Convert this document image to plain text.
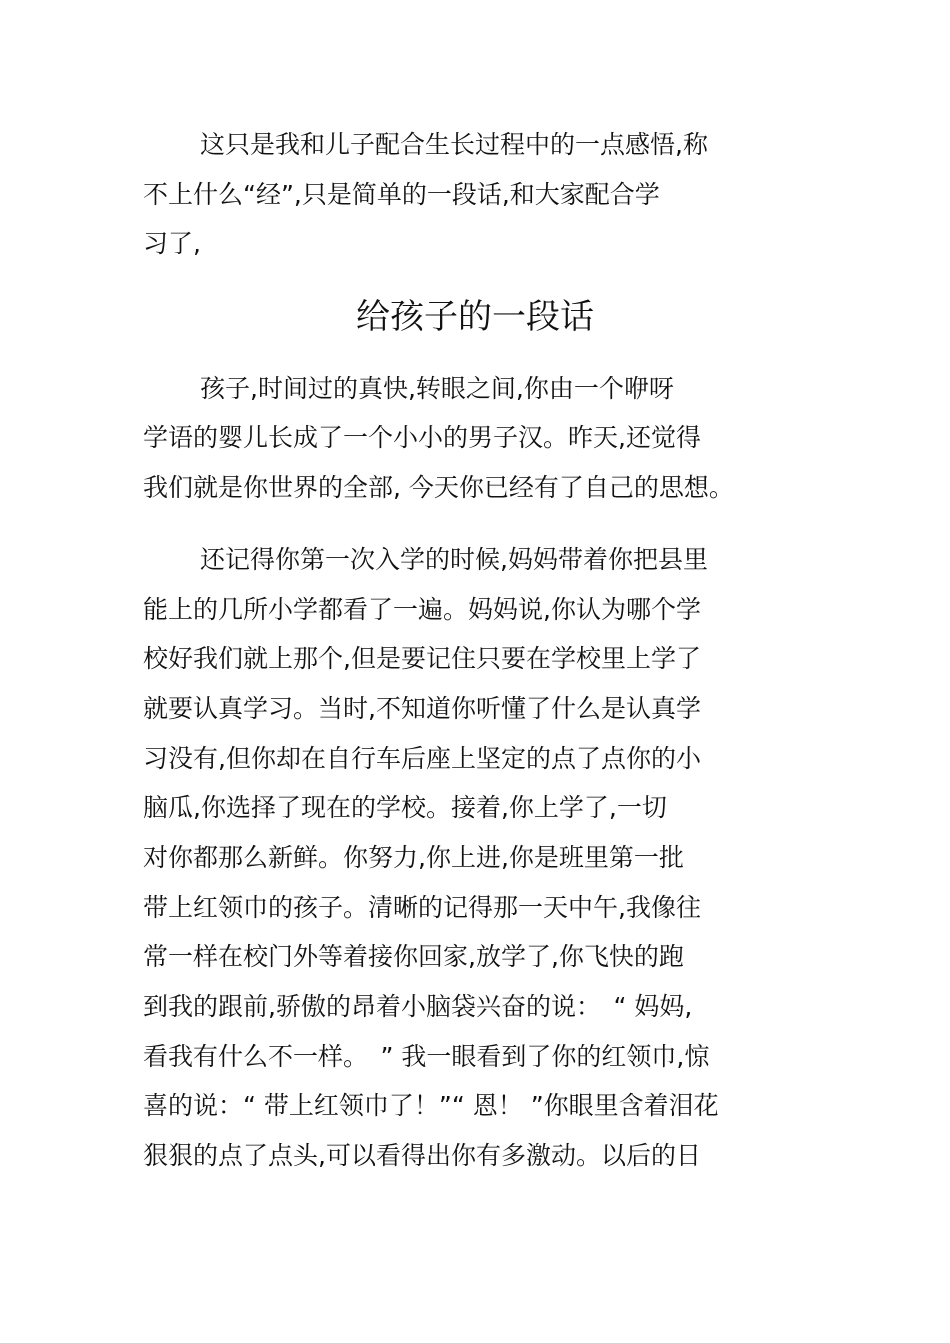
这只是我和儿子配合生长过程中的一点感悟,称
不上什么“经”,只是简单的一段话,和大家配合学
习了,
给孩子的一段话
孩子,时间过的真快,转眼之间,你由一个咿呀
学语的婴儿长成了一个小小的男子汉。昨天,还觉得
我们就是你世界的全部, 今天你已经有了自己的思想。
还记得你第一次入学的时候,妈妈带着你把县里
能上的几所小学都看了一遍。妈妈说,你认为哪个学
校好我们就上那个,但是要记住只要在学校里上学了
就要认真学习。当时,不知道你听懂了什么是认真学
习没有,但你却在自行车后座上坚定的点了点你的小
脑瓜,你选择了现在的学校。接着,你上学了,一切
对你都那么新鲜。你努力,你上进,你是班里第一批
带上红领巾的孩子。清晰的记得那一天中午,我像往
常一样在校门外等着接你回家,放学了,你飞快的跑
到我的跟前,骄傲的昂着小脑袋兴奋的说：　“ 妈妈,
看我有什么不一样。　” 我一眼看到了你的红领巾,惊
喜的说：“ 带上红领巾了！”“ 恩！ ”你眼里含着泪花
狠狠的点了点头,可以看得出你有多激动。以后的日
